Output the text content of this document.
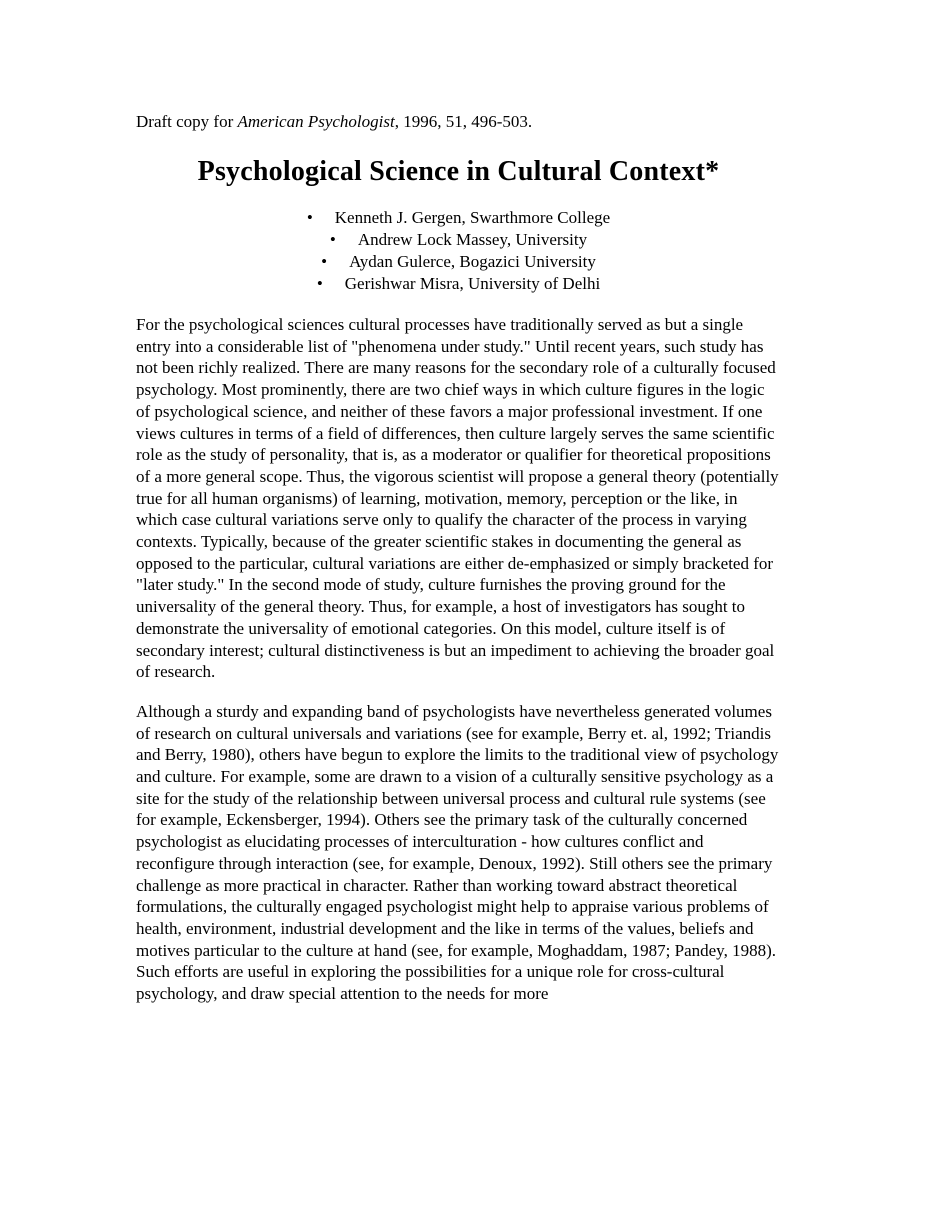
Draft copy for American Psychologist, 1996, 51, 496-503.
Psychological Science in Cultural Context*
• Kenneth J. Gergen, Swarthmore College
• Andrew Lock Massey, University
• Aydan Gulerce, Bogazici University
• Gerishwar Misra, University of Delhi

For the psychological sciences cultural processes have traditionally served as but a single entry into a considerable list of "phenomena under study." Until recent years, such study has not been richly realized. There are many reasons for the secondary role of a culturally focused psychology. Most prominently, there are two chief ways in which culture figures in the logic of psychological science, and neither of these favors a major professional investment. If one views cultures in terms of a field of differences, then culture largely serves the same scientific role as the study of personality, that is, as a moderator or qualifier for theoretical propositions of a more general scope. Thus, the vigorous scientist will propose a general theory (potentially true for all human organisms) of learning, motivation, memory, perception or the like, in which case cultural variations serve only to qualify the character of the process in varying contexts. Typically, because of the greater scientific stakes in documenting the general as opposed to the particular, cultural variations are either de-emphasized or simply bracketed for "later study." In the second mode of study, culture furnishes the proving ground for the universality of the general theory. Thus, for example, a host of investigators has sought to demonstrate the universality of emotional categories. On this model, culture itself is of secondary interest; cultural distinctiveness is but an impediment to achieving the broader goal of research.

Although a sturdy and expanding band of psychologists have nevertheless generated volumes of research on cultural universals and variations (see for example, Berry et. al, 1992; Triandis and Berry, 1980), others have begun to explore the limits to the traditional view of psychology and culture. For example, some are drawn to a vision of a culturally sensitive psychology as a site for the study of the relationship between universal process and cultural rule systems (see for example, Eckensberger, 1994). Others see the primary task of the culturally concerned psychologist as elucidating processes of interculturation - how cultures conflict and reconfigure through interaction (see, for example, Denoux, 1992). Still others see the primary challenge as more practical in character. Rather than working toward abstract theoretical formulations, the culturally engaged psychologist might help to appraise various problems of health, environment, industrial development and the like in terms of the values, beliefs and motives particular to the culture at hand (see, for example, Moghaddam, 1987; Pandey, 1988). Such efforts are useful in exploring the possibilities for a unique role for cross-cultural psychology, and draw special attention to the needs for more
